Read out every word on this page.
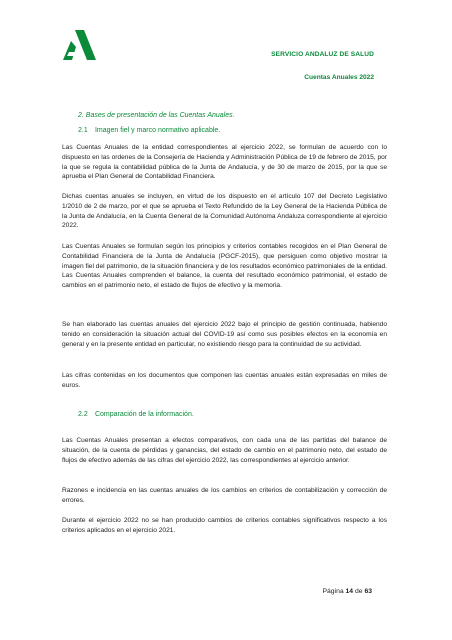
SERVICIO ANDALUZ DE SALUD
Cuentas Anuales 2022
2. Bases de presentación de las Cuentas Anuales.
2.1 Imagen fiel y marco normativo aplicable.

Las Cuentas Anuales de la entidad correspondientes al ejercicio 2022, se formulan de acuerdo con lo dispuesto en las ordenes de la Consejería de Hacienda y Administración Pública de 19 de febrero de 2015, por la que se regula la contabilidad pública de la Junta de Andalucía, y de 30 de marzo de 2015, por la que se aprueba el Plan General de Contabilidad Financiera.

Dichas cuentas anuales se incluyen, en virtud de los dispuesto en el artículo 107 del Decreto Legislativo 1/2010 de 2 de marzo, por el que se aprueba el Texto Refundido de la Ley General de la Hacienda Pública de la Junta de Andalucía, en la Cuenta General de la Comunidad Autónoma Andaluza correspondiente al ejercicio 2022.

Las Cuentas Anuales se formulan según los principios y criterios contables recogidos en el Plan General de Contabilidad Financiera de la Junta de Andalucía (PGCF-2015), que persiguen como objetivo mostrar la imagen fiel del patrimonio, de la situación financiera y de los resultados económico patrimoniales de la entidad. Las Cuentas Anuales comprenden el balance, la cuenta del resultado económico patrimonial, el estado de cambios en el patrimonio neto, el estado de flujos de efectivo y la memoria.

Se han elaborado las cuentas anuales del ejercicio 2022 bajo el principio de gestión continuada, habiendo tenido en consideración la situación actual del COVID-19 así como sus posibles efectos en la economía en general y en la presente entidad en particular, no existiendo riesgo para la continuidad de su actividad.

Las cifras contenidas en los documentos que componen las cuentas anuales están expresadas en miles de euros.

2.2 Comparación de la información.

Las Cuentas Anuales presentan a efectos comparativos, con cada una de las partidas del balance de situación, de la cuenta de pérdidas y ganancias, del estado de cambio en el patrimonio neto, del estado de flujos de efectivo además de las cifras del ejercicio 2022, las correspondientes al ejercicio anterior.

Razones e incidencia en las cuentas anuales de los cambios en criterios de contabilización y corrección de errores.

Durante el ejercicio 2022 no se han producido cambios de criterios contables significativos respecto a los criterios aplicados en el ejercicio 2021.

Página 14 de 63
